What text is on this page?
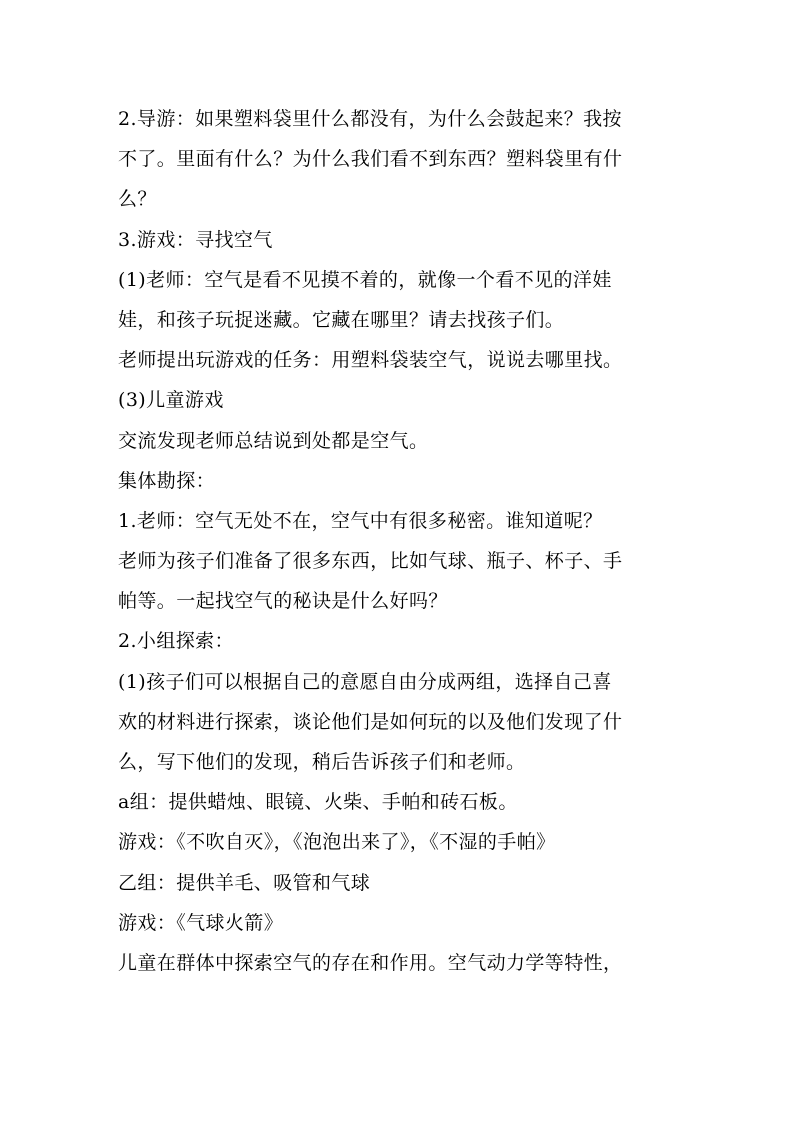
2.导游：如果塑料袋里什么都没有，为什么会鼓起来？我按
不了。里面有什么？为什么我们看不到东西？塑料袋里有什
么？
3.游戏：寻找空气
(1)老师：空气是看不见摸不着的，就像一个看不见的洋娃
娃，和孩子玩捉迷藏。它藏在哪里？请去找孩子们。
老师提出玩游戏的任务：用塑料袋装空气，说说去哪里找。
(3)儿童游戏
交流发现老师总结说到处都是空气。
集体勘探：
1.老师：空气无处不在，空气中有很多秘密。谁知道呢？
老师为孩子们准备了很多东西，比如气球、瓶子、杯子、手
帕等。一起找空气的秘诀是什么好吗？
2.小组探索：
(1)孩子们可以根据自己的意愿自由分成两组，选择自己喜
欢的材料进行探索，谈论他们是如何玩的以及他们发现了什
么，写下他们的发现，稍后告诉孩子们和老师。
a组：提供蜡烛、眼镜、火柴、手帕和砖石板。
游戏：《不吹自灭》，《泡泡出来了》，《不湿的手帕》
乙组：提供羊毛、吸管和气球
游戏：《气球火箭》
儿童在群体中探索空气的存在和作用。空气动力学等特性，
